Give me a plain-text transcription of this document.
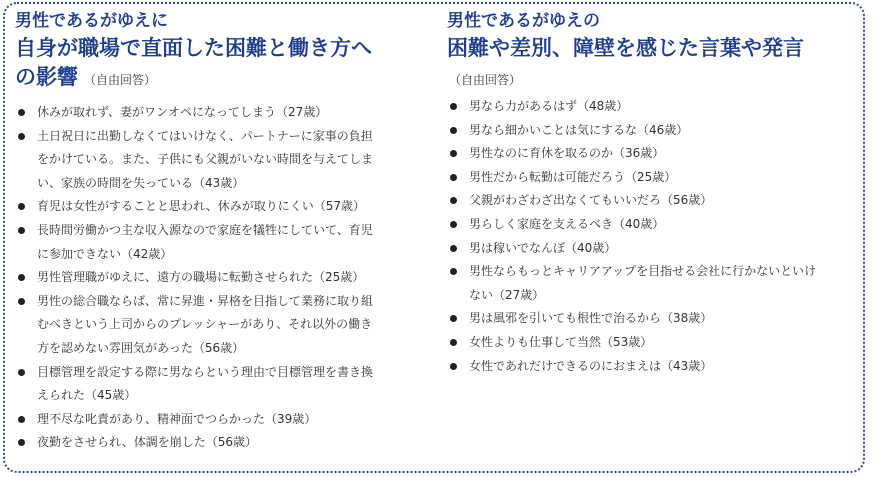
男性であるがゆえに
自身が職場で直面した困難と働き方へ
の影響 （自由回答）
休みが取れず、妻がワンオペになってしまう（27歳）
土日祝日に出勤しなくてはいけなく、パートナーに家事の負担
をかけている。また、子供にも父親がいない時間を与えてしま
い、家族の時間を失っている（43歳）
育児は女性がすることと思われ、休みが取りにくい（57歳）
長時間労働かつ主な収入源なので家庭を犠牲にしていて、育児
に参加できない（42歳）
男性管理職がゆえに、遠方の職場に転勤させられた（25歳）
男性の総合職ならば、常に昇進・昇格を目指して業務に取り組
むべきという上司からのプレッシャーがあり、それ以外の働き
方を認めない雰囲気があった（56歳）
目標管理を設定する際に男ならという理由で目標管理を書き換
えられた（45歳）
理不尽な叱責があり、精神面でつらかった（39歳）
夜勤をさせられ、体調を崩した（56歳）
男性であるがゆえの
困難や差別、障壁を感じた言葉や発言
（自由回答）
男なら力があるはず（48歳）
男なら細かいことは気にするな（46歳）
男性なのに育休を取るのか（36歳）
男性だから転勤は可能だろう（25歳）
父親がわざわざ出なくてもいいだろ（56歳）
男らしく家庭を支えるべき（40歳）
男は稼いでなんぼ（40歳）
男性ならもっとキャリアアップを目指せる会社に行かないといけ
ない（27歳）
男は風邪を引いても根性で治るから（38歳）
女性よりも仕事して当然（53歳）
女性であれだけできるのにおまえは（43歳）
